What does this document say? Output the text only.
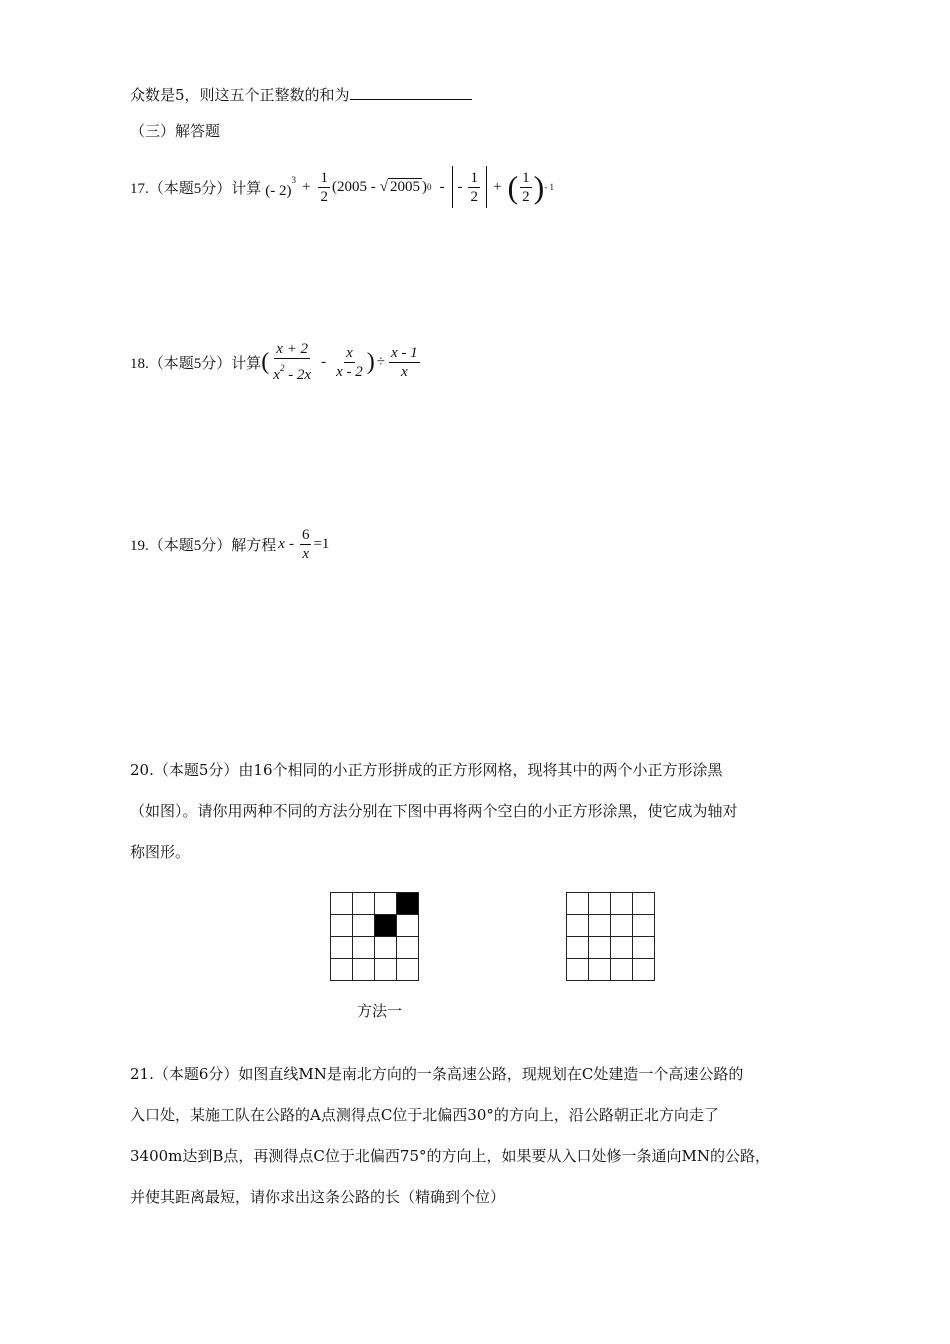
众数是5，则这五个正整数的和为
（三）解答题
17.（本题5分）计算 (- $2)^3 + \frac{1}{2}$ ( 2005 - √ 2005 ) 0 - - $\frac{1}{2}$ + ( $\frac{1}{2}$ ) - 1
18.（本题5分）计算 ( $\frac{x + 2}{x^2 - 2x} - \frac{x}{x - 2}$ ) ÷ $\frac{x - 1}{x}$
19.（本题5分）解方程 $x - \frac{6}{x} =1$
20.（本题5分）由16个相同的小正方形拼成的正方形网格，现将其中的两个小正方形涂黑
（如图）。请你用两种不同的方法分别在下图中再将两个空白的小正方形涂黑，使它成为轴对
称图形。
方法一
21.（本题6分）如图直线MN是南北方向的一条高速公路，现规划在C处建造一个高速公路的
入口处，某施工队在公路的A点测得点C位于北偏西30°的方向上，沿公路朝正北方向走了
3400m达到B点，再测得点C位于北偏西75°的方向上，如果要从入口处修一条通向MN的公路，
并使其距离最短，请你求出这条公路的长（精确到个位）
